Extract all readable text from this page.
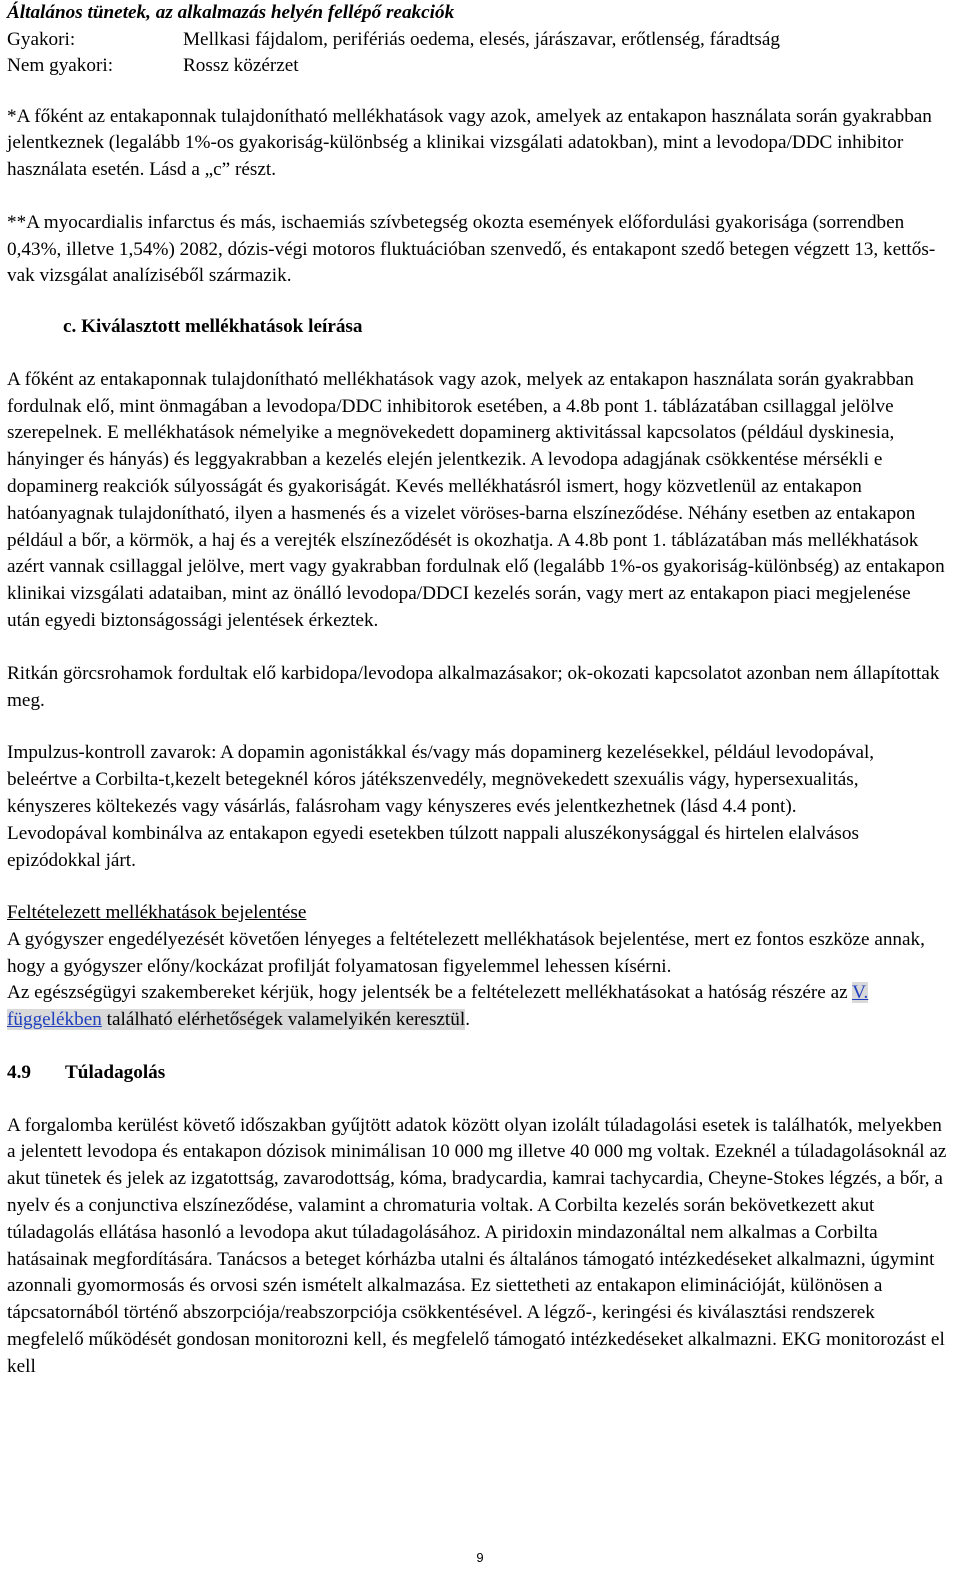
Általános tünetek, az alkalmazás helyén fellépő reakciók

Gyakori:	Mellkasi fájdalom, perifériás oedema, elesés, járászavar, erőtlenség, fáradtság
Nem gyakori:	Rossz közérzet

*A főként az entakaponnak tulajdonítható mellékhatások vagy azok, amelyek az entakapon használata során gyakrabban jelentkeznek (legalább 1%-os gyakoriság-különbség a klinikai vizsgálati adatokban), mint a levodopa/DDC inhibitor használata esetén. Lásd a „c” részt.

**A myocardialis infarctus és más, ischaemiás szívbetegség okozta események előfordulási gyakorisága (sorrendben 0,43%, illetve 1,54%) 2082, dózis-végi motoros fluktuációban szenvedő, és entakapont szedő betegen végzett 13, kettős-vak vizsgálat analíziséből származik.

c. Kiválasztott mellékhatások leírása

A főként az entakaponnak tulajdonítható mellékhatások vagy azok, melyek az entakapon használata során gyakrabban fordulnak elő, mint önmagában a levodopa/DDC inhibitorok esetében, a 4.8b pont 1. táblázatában csillaggal jelölve szerepelnek. E mellékhatások némelyike a megnövekedett dopaminerg aktivitással kapcsolatos (például dyskinesia, hányinger és hányás) és leggyakrabban a kezelés elején jelentkezik. A levodopa adagjának csökkentése mérsékli e dopaminerg reakciók súlyosságát és gyakoriságát. Kevés mellékhatásról ismert, hogy közvetlenül az entakapon hatóanyagnak tulajdonítható, ilyen a hasmenés és a vizelet vöröses-barna elszíneződése. Néhány esetben az entakapon például a bőr, a körmök, a haj és a verejték elszíneződését is okozhatja. A 4.8b pont 1. táblázatában más mellékhatások azért vannak csillaggal jelölve, mert vagy gyakrabban fordulnak elő (legalább 1%-os gyakoriság-különbség) az entakapon klinikai vizsgálati adataiban, mint az önálló levodopa/DDCI kezelés során, vagy mert az entakapon piaci megjelenése után egyedi biztonságossági jelentések érkeztek.

Ritkán görcsrohamok fordultak elő karbidopa/levodopa alkalmazásakor; ok-okozati kapcsolatot azonban nem állapítottak meg.

Impulzus-kontroll zavarok: A dopamin agonistákkal és/vagy más dopaminerg kezelésekkel, például levodopával, beleértve a Corbilta-t,kezelt betegeknél kóros játékszenvedély, megnövekedett szexuális vágy, hypersexualitás, kényszeres költekezés vagy vásárlás, falásroham vagy kényszeres evés jelentkezhetnek (lásd 4.4 pont).

Levodopával kombinálva az entakapon egyedi esetekben túlzott nappali aluszékonysággal és hirtelen elalvásos epizódokkal járt.

Feltételezett mellékhatások bejelentése

A gyógyszer engedélyezését követően lényeges a feltételezett mellékhatások bejelentése, mert ez fontos eszköze annak, hogy a gyógyszer előny/kockázat profilját folyamatosan figyelemmel lehessen kísérni.

Az egészségügyi szakembereket kérjük, hogy jelentsék be a feltételezett mellékhatásokat a hatóság részére az V. függelékben található elérhetőségek valamelyikén keresztül.

4.9 Túladagolás

A forgalomba kerülést követő időszakban gyűjtött adatok között olyan izolált túladagolási esetek is találhatók, melyekben a jelentett levodopa és entakapon dózisok minimálisan 10 000 mg illetve 40 000 mg voltak. Ezeknél a túladagolásoknál az akut tünetek és jelek az izgatottság, zavarodottság, kóma, bradycardia, kamrai tachycardia, Cheyne-Stokes légzés, a bőr, a nyelv és a conjunctiva elszíneződése, valamint a chromaturia voltak. A Corbilta kezelés során bekövetkezett akut túladagolás ellátása hasonló a levodopa akut túladagolásához. A piridoxin mindazonáltal nem alkalmas a Corbilta hatásainak megfordítására. Tanácsos a beteget kórházba utalni és általános támogató intézkedéseket alkalmazni, úgymint azonnali gyomormosás és orvosi szén ismételt alkalmazása. Ez siettetheti az entakapon eliminációját, különösen a tápcsatornából történő abszorpciója/reabszorpciója csökkentésével. A légző-, keringési és kiválasztási rendszerek megfelelő működését gondosan monitorozni kell, és megfelelő támogató intézkedéseket alkalmazni. EKG monitorozást el kell

9
